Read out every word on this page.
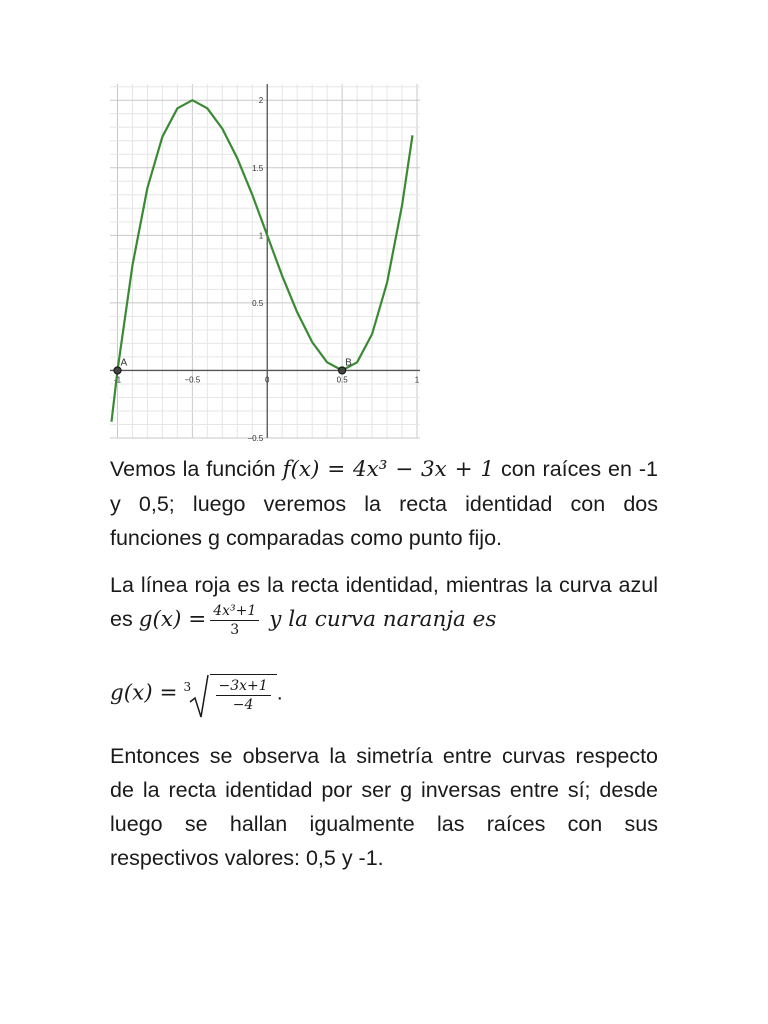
-1	−0.5	0	0.5	1
0.5
1
1.5
2
−0.5
A	B

Vemos la función f(x) = 4x³ − 3x + 1 con raíces en -1 y 0,5; luego veremos la recta identidad con dos funciones g comparadas como punto fijo.

La línea roja es la recta identidad, mientras la curva azul es $g(x) = \frac{\text{4x³+1}}{3}$ y la curva naranja es

$g(x) = 3 \frac{-3x+1}{-4}$ .

Entonces se observa la simetría entre curvas respecto de la recta identidad por ser g inversas entre sí; desde luego se hallan igualmente las raíces con sus respectivos valores: 0,5 y -1.
